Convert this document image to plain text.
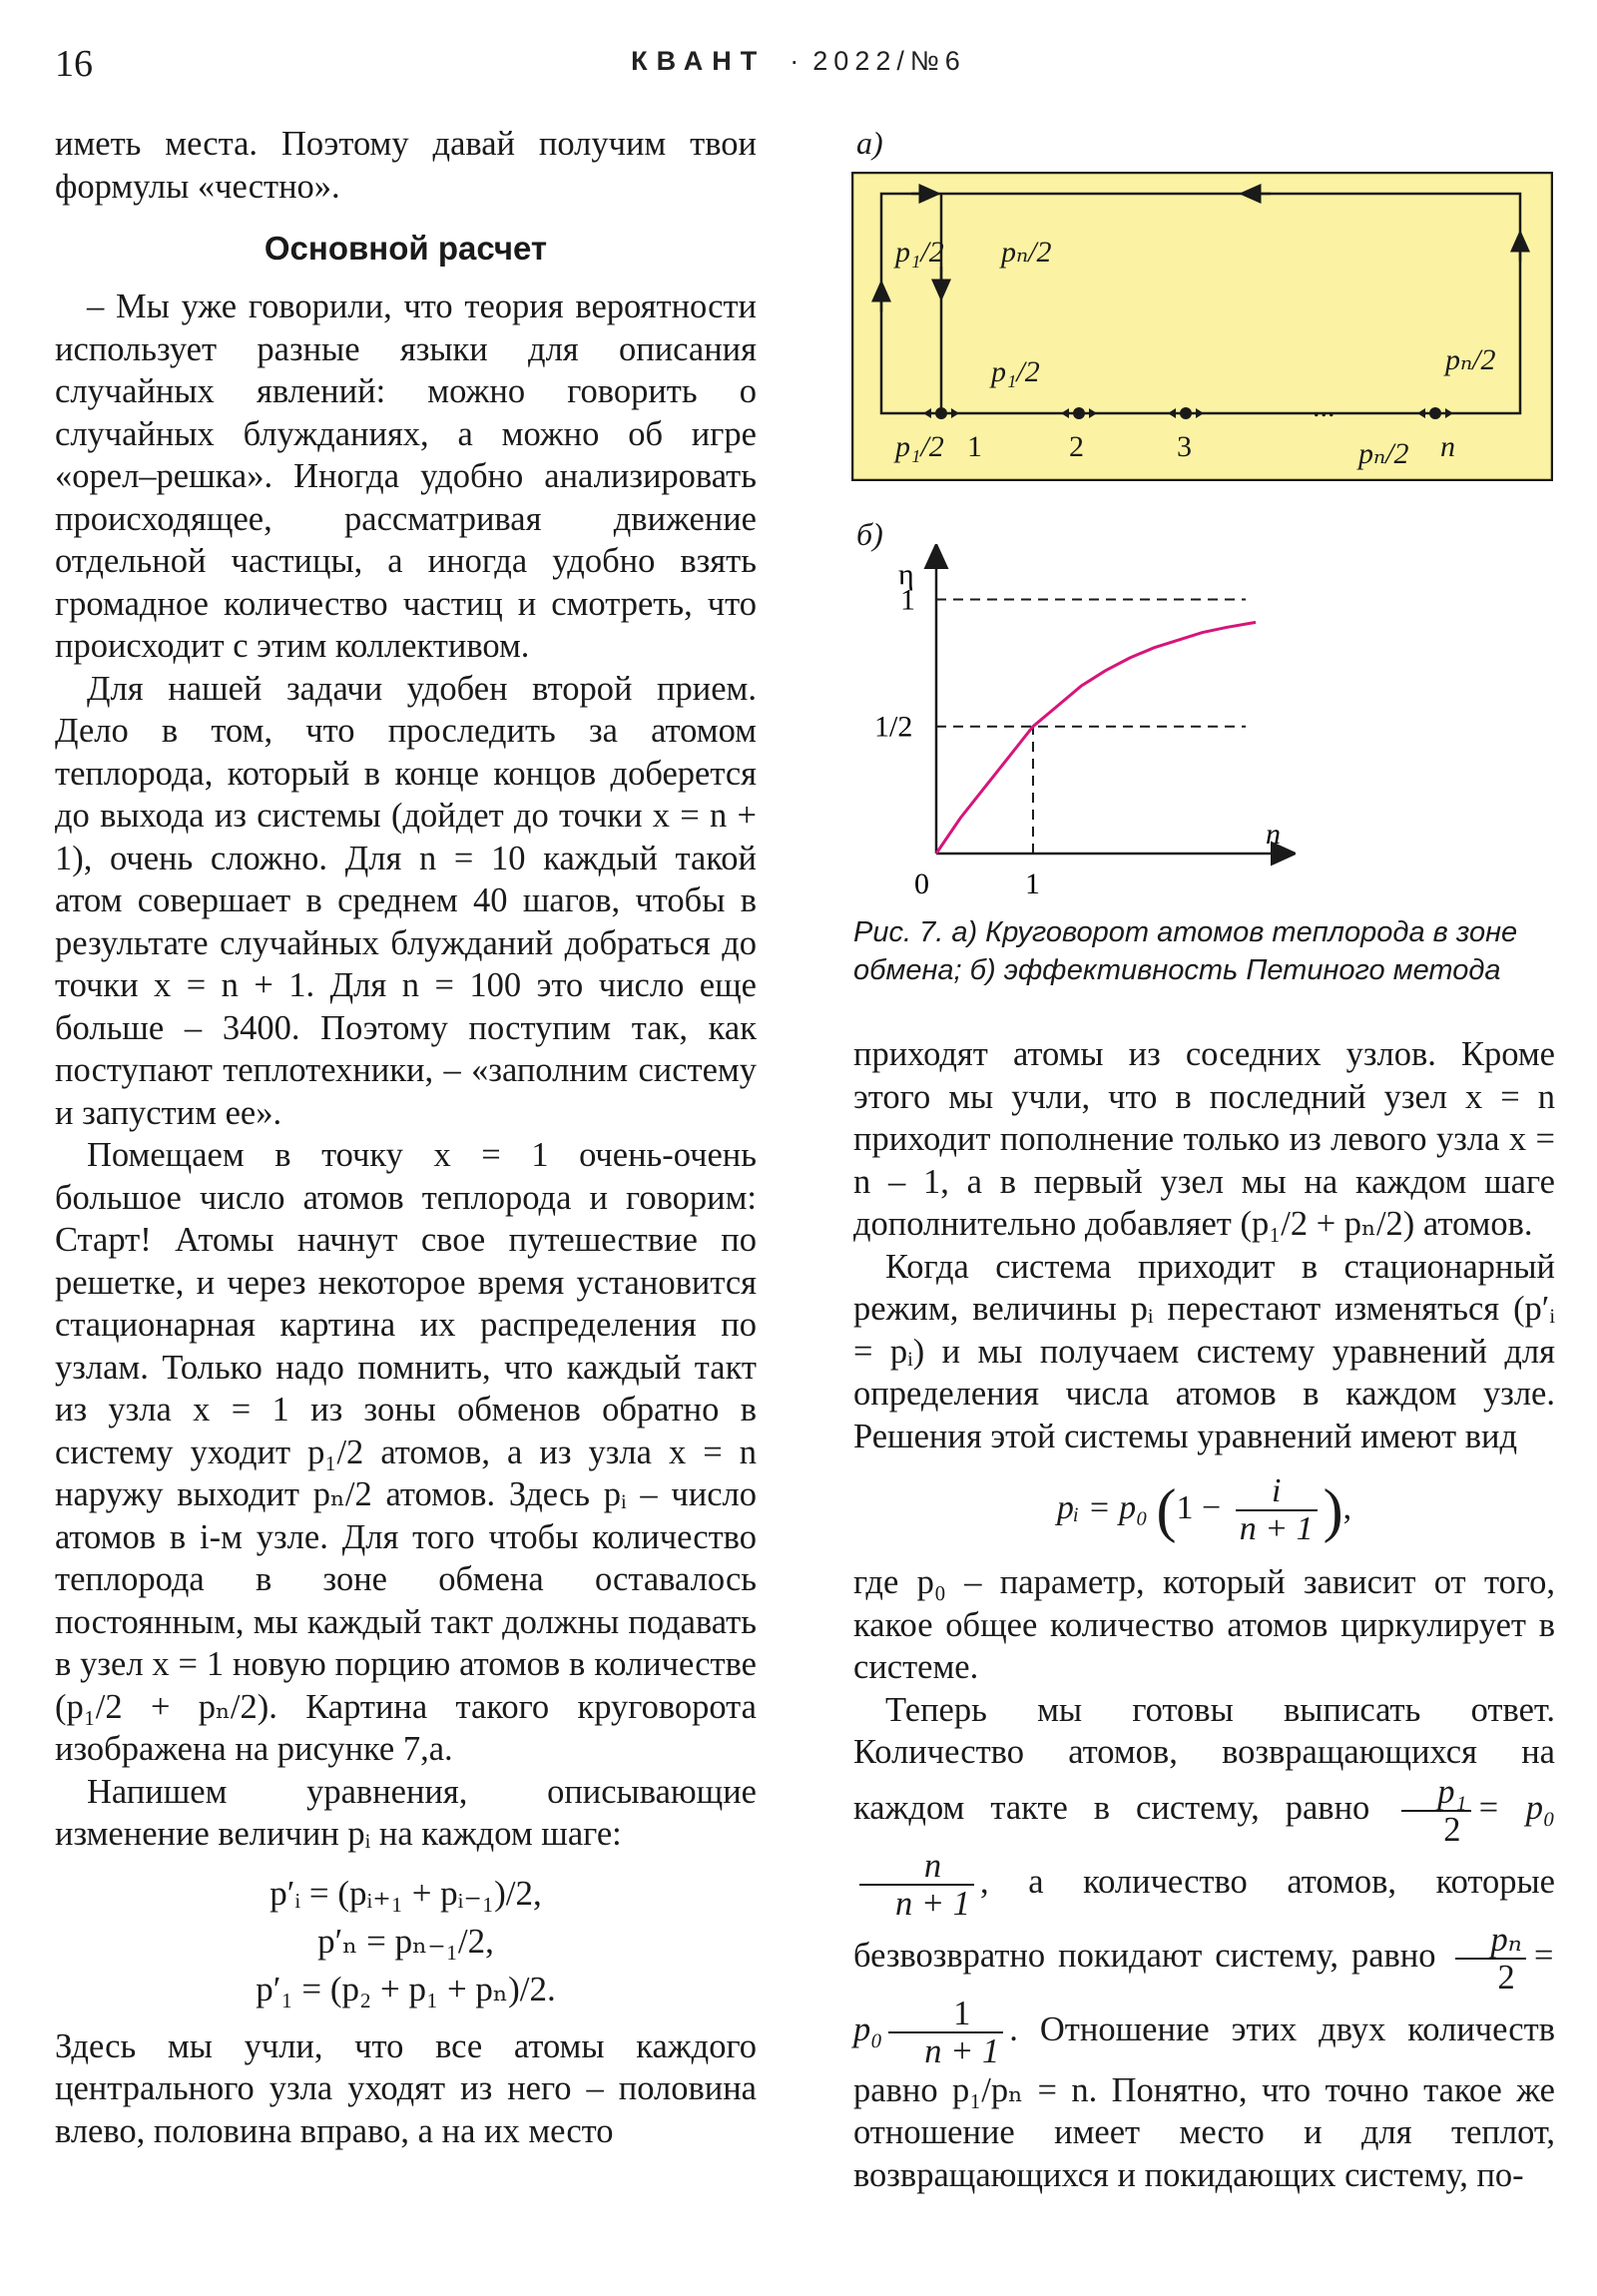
16	КВАНТ · 2022/№6

иметь места. Поэтому давай получим твои формулы «честно».

Основной расчет

– Мы уже говорили, что теория вероятности использует разные языки для описания случайных явлений: можно говорить о случайных блужданиях, а можно об игре «орел–решка». Иногда удобно анализировать происходящее, рассматривая движение отдельной частицы, а иногда удобно взять громадное количество частиц и смотреть, что происходит с этим коллективом.

Для нашей задачи удобен второй прием. Дело в том, что проследить за атомом теплорода, который в конце концов доберется до выхода из системы (дойдет до точки x = n + 1), очень сложно. Для n = 10 каждый такой атом совершает в среднем 40 шагов, чтобы в результате случайных блужданий добраться до точки x = n + 1. Для n = 100 это число еще больше – 3400. Поэтому поступим так, как поступают теплотехники, – «заполним систему и запустим ее».

Помещаем в точку x = 1 очень-очень большое число атомов теплорода и говорим: Старт! Атомы начнут свое путешествие по решетке, и через некоторое время установится стационарная картина их распределения по узлам. Только надо помнить, что каждый такт из узла x = 1 из зоны обменов обратно в систему уходит p₁/2 атомов, а из узла x = n наружу выходит pₙ/2 атомов. Здесь pᵢ – число атомов в i-м узле. Для того чтобы количество теплорода в зоне обмена оставалось постоянным, мы каждый такт должны подавать в узел x = 1 новую порцию атомов в количестве (p₁/2 + pₙ/2). Картина такого круговорота изображена на рисунке 7,а.

Напишем уравнения, описывающие изменение величин pᵢ на каждом шаге:

p′ᵢ = (pᵢ₊₁ + pᵢ₋₁)/2,
p′ₙ = pₙ₋₁/2,
p′₁ = (p₂ + p₁ + pₙ)/2.

Здесь мы учли, что все атомы каждого центрального узла уходят из него – половина влево, половина вправо, а на их место

а)
p₁/2 pₙ/2
p₁/2	pₙ/2
p₁/2	pₙ/2 n
1	2	3
...
б)
0	1
1
1/2
n
η
Рис. 7. а) Круговорот атомов теплорода в зоне обмена; б) эффективность Петиного метода

приходят атомы из соседних узлов. Кроме этого мы учли, что в последний узел x = n приходит пополнение только из левого узла x = n – 1, а в первый узел мы на каждом шаге дополнительно добавляет (p₁/2 + pₙ/2) атомов.

Когда система приходит в стационарный режим, величины pᵢ перестают изменяться (p′ᵢ = pᵢ) и мы получаем систему уравнений для определения числа атомов в каждом узле. Решения этой системы уравнений имеют вид

pᵢ = p₀ ($1 - \frac{i}{n + 1}$ ),

где p₀ – параметр, который зависит от того, какое общее количество атомов циркулирует в системе.

Теперь мы готовы выписать ответ. Количество атомов, возвращающихся на каждом такте в систему, равно $\frac{\text{p₁}}{2} = p_0$
$\frac{n}{n + 1}$ , а количество атомов, которые безвозвратно покидают систему, равно $\frac{\text{pₙ}}{2} = p_0 \frac{1}{n + 1}$ . Отношение этих двух количеств равно p₁/pₙ = n. Понятно, что точно такое же отношение имеет место и для теплот, возвращающихся и покидающих систему, по-
